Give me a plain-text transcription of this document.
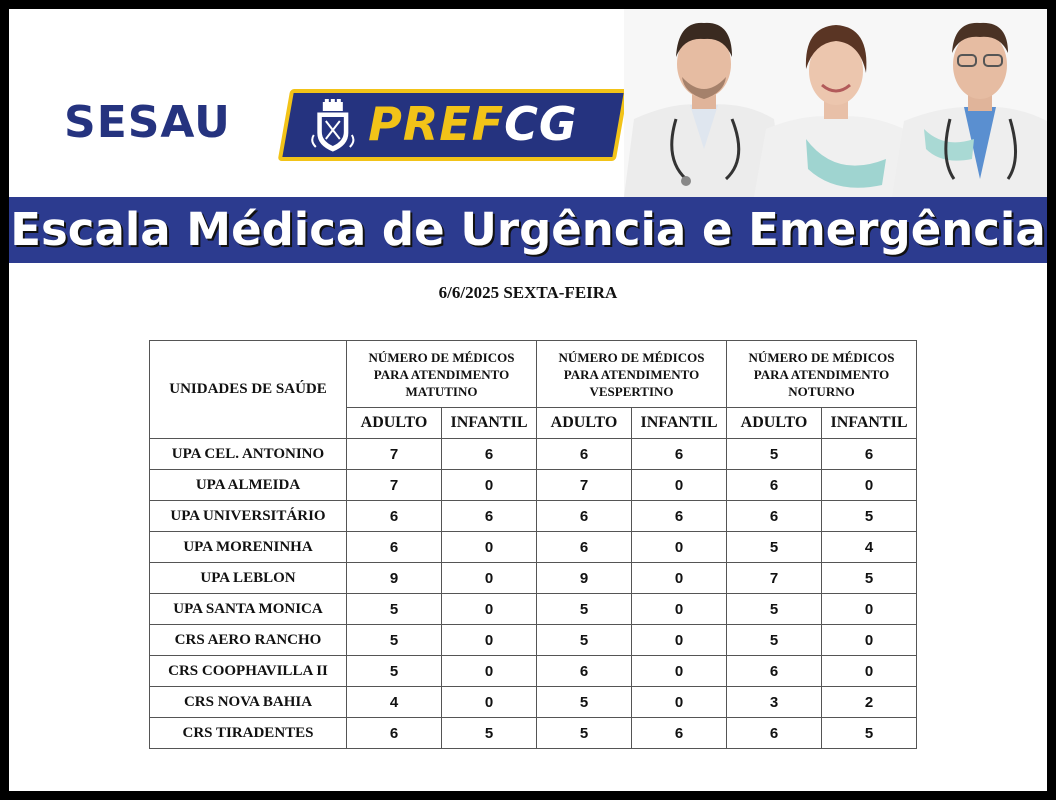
SESAU	PREFCG
Escala Médica de Urgência e Emergência
6/6/2025 SEXTA-FEIRA
UNIDADES DE SAÚDE	NÚMERO DE MÉDICOS
PARA ATENDIMENTO
MATUTINO		NÚMERO DE MÉDICOS
PARA ATENDIMENTO
VESPERTINO		NÚMERO DE MÉDICOS
PARA ATENDIMENTO
NOTURNO	
	ADULTO	INFANTIL	ADULTO	INFANTIL	ADULTO	INFANTIL
UPA CEL. ANTONINO	7	6	6	6	5	6
UPA ALMEIDA	7	0	7	0	6	0
UPA UNIVERSITÁRIO	6	6	6	6	6	5
UPA MORENINHA	6	0	6	0	5	4
UPA LEBLON	9	0	9	0	7	5
UPA SANTA MONICA	5	0	5	0	5	0
CRS AERO RANCHO	5	0	5	0	5	0
CRS COOPHAVILLA II	5	0	6	0	6	0
CRS NOVA BAHIA	4	0	5	0	3	2
CRS TIRADENTES	6	5	5	6	6	5
